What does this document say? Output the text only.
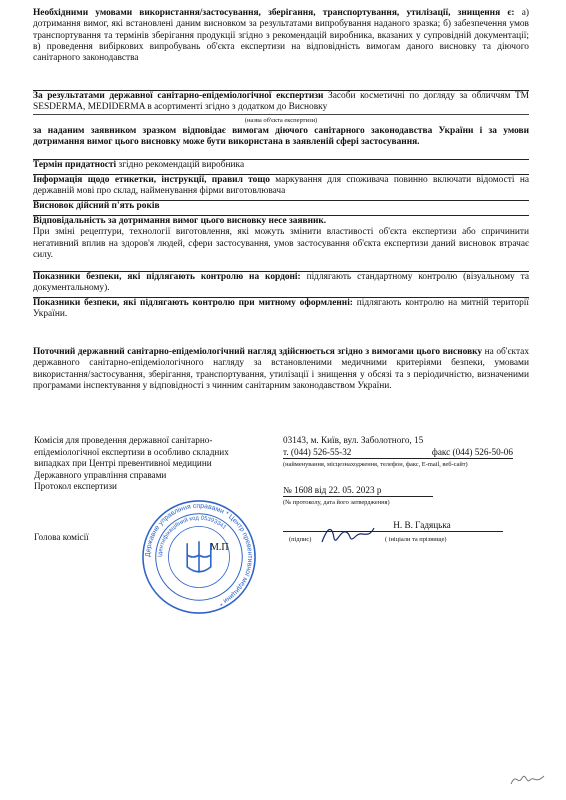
Необхідними умовами використання/застосування, зберігання, транспортування, утилізації, знищення є: а) дотримання вимог, які встановлені даним висновком за результатами випробування наданого зразка; б) забезпечення умов транспортування та термінів зберігання продукції згідно з рекомендацій виробника, вказаних у супровідній документації; в) проведення вибіркових випробувань об'єкта експертизи на відповідність вимогам даного висновку та діючого санітарного законодавства

За результатами державної санітарно-епідеміологічної експертизи Засоби косметичні по догляду за обличчям ТМ SESDERMA, MEDIDERMA в асортименті згідно з додатком до Висновку

(назва об'єкта експертизи)

за наданим заявником зразком відповідає вимогам діючого санітарного законодавства України і за умови дотримання вимог цього висновку може бути використана в заявленій сфері застосування.

Термін придатності згідно рекомендацій виробника

Інформація щодо етикетки, інструкції, правил тощо маркування для споживача повинно включати відомості на державній мові про склад, найменування фірми виготовлювача

Висновок дійсний п'ять років

Відповідальність за дотримання вимог цього висновку несе заявник.

При зміні рецептури, технології виготовлення, які можуть змінити властивості об'єкта експертизи або спричинити негативний вплив на здоров'я людей, сфери застосування, умов застосування об'єкта експертизи даний висновок втрачає силу.

Показники безпеки, які підлягають контролю на кордоні: підлягають стандартному контролю (візуальному та документальному).

Показники безпеки, які підлягають контролю при митному оформленні: підлягають контролю на митній території України.

Поточний державний санітарно-епідеміологічний нагляд здійснюється згідно з вимогами цього висновку на об'єктах державного санітарно-епідеміологічного нагляду за встановленими медичними критеріями безпеки, умовами використання/застосування, зберігання, транспортування, утилізації і знищення у обсязі та з періодичністю, визначеними програмами інспектування у відповідності з чинним санітарним законодавством України.

Комісія для проведення державної санітарно-
епідеміологічної експертизи в особливо складних
випадках при Центрі превентивної медицини
Державного управління справами
Протокол експертизи
03143, м. Київ, вул. Заболотного, 15
т. (044) 526-55-32	факс (044) 526-50-06
(найменування, місцезнаходження, телефон, факс, E-mail, веб-сайт)
№ 1608 від 22. 05. 2023 р
(№ протоколу, дата його затвердження)
Голова комісії
Державне управління справами * Центр превентивної медицини *
Ідентифікаційний код 05393341
М.П
Н. В. Гадяцька
(підпис)	( ініціали та прізвище)
